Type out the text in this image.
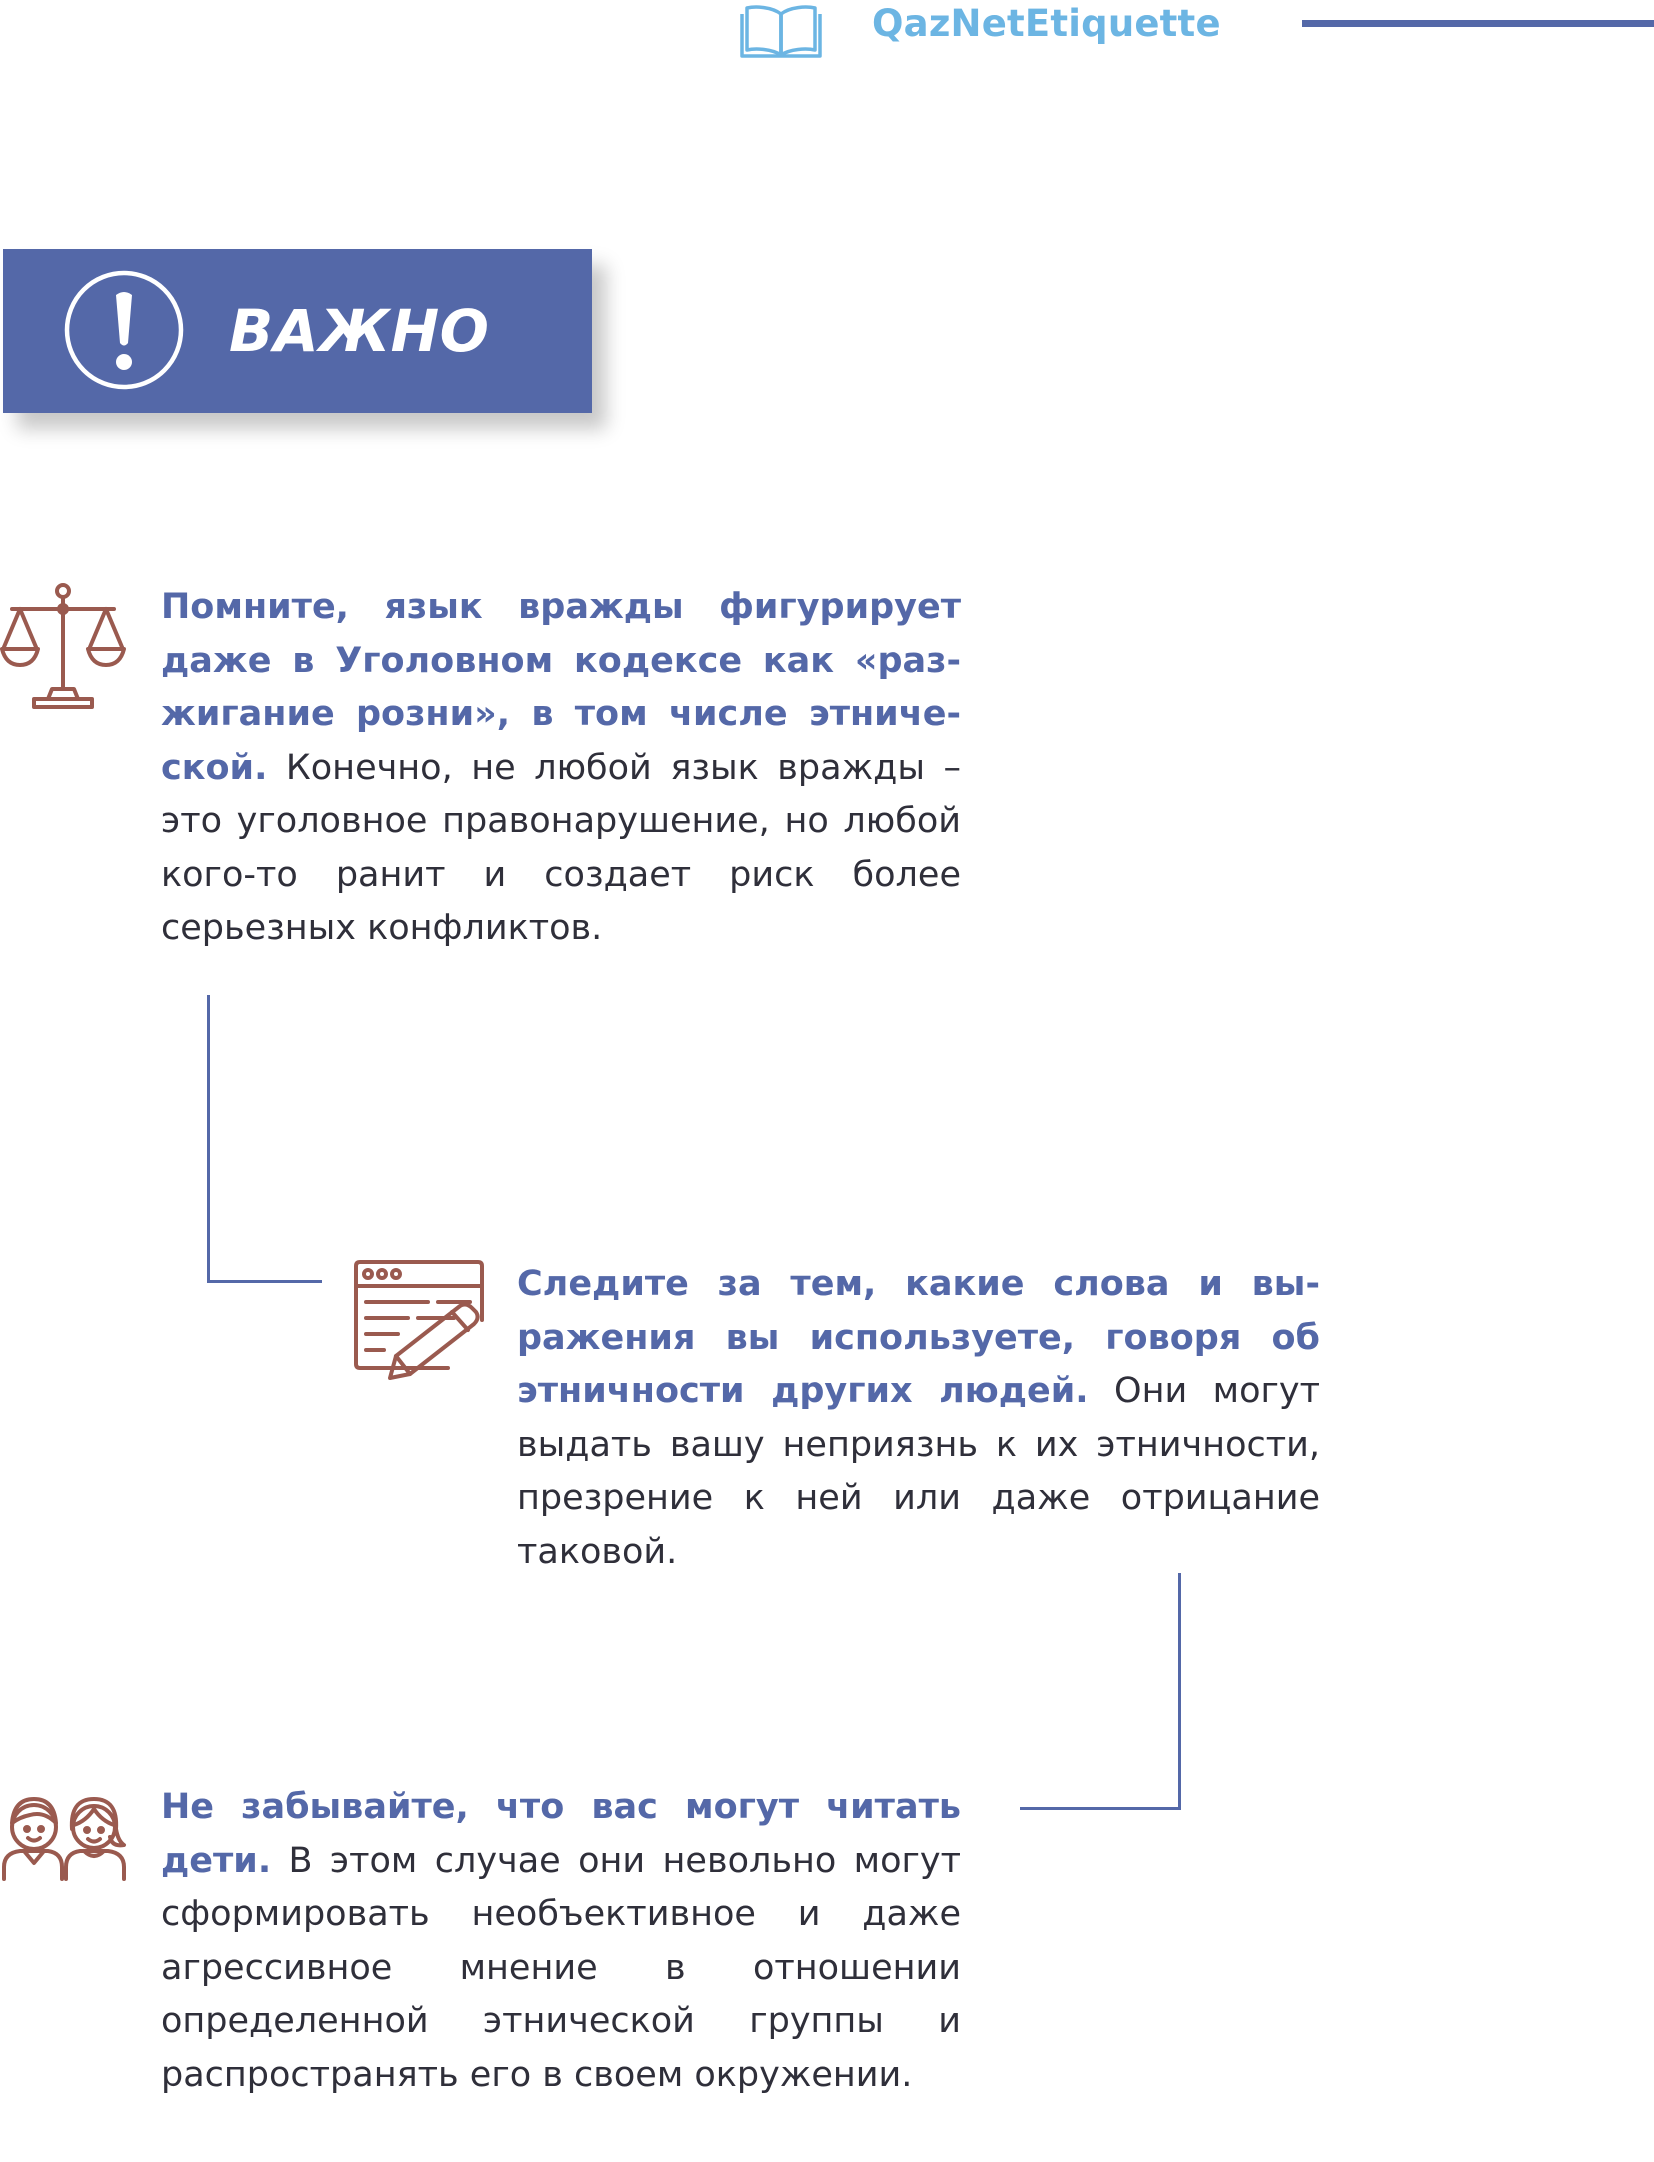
QazNetEtiquette
ВАЖНО
Помните, язык вражды фигурирует даже в Уголовном кодексе как «разжигание розни», в том числе этнической. Конечно, не любой язык вражды – это уголовное правонарушение, но любой кого-то ранит и создает риск более серьезных конфликтов.
Следите за тем, какие слова и выражения вы используете, говоря об этничности других людей. Они могут выдать вашу неприязнь к их этничности, презрение к ней или даже отрицание таковой.
Не забывайте, что вас могут читать дети. В этом случае они невольно могут сформировать необъективное и даже агрессивное мнение в отношении определенной этнической группы и распространять его в своем окружении.
